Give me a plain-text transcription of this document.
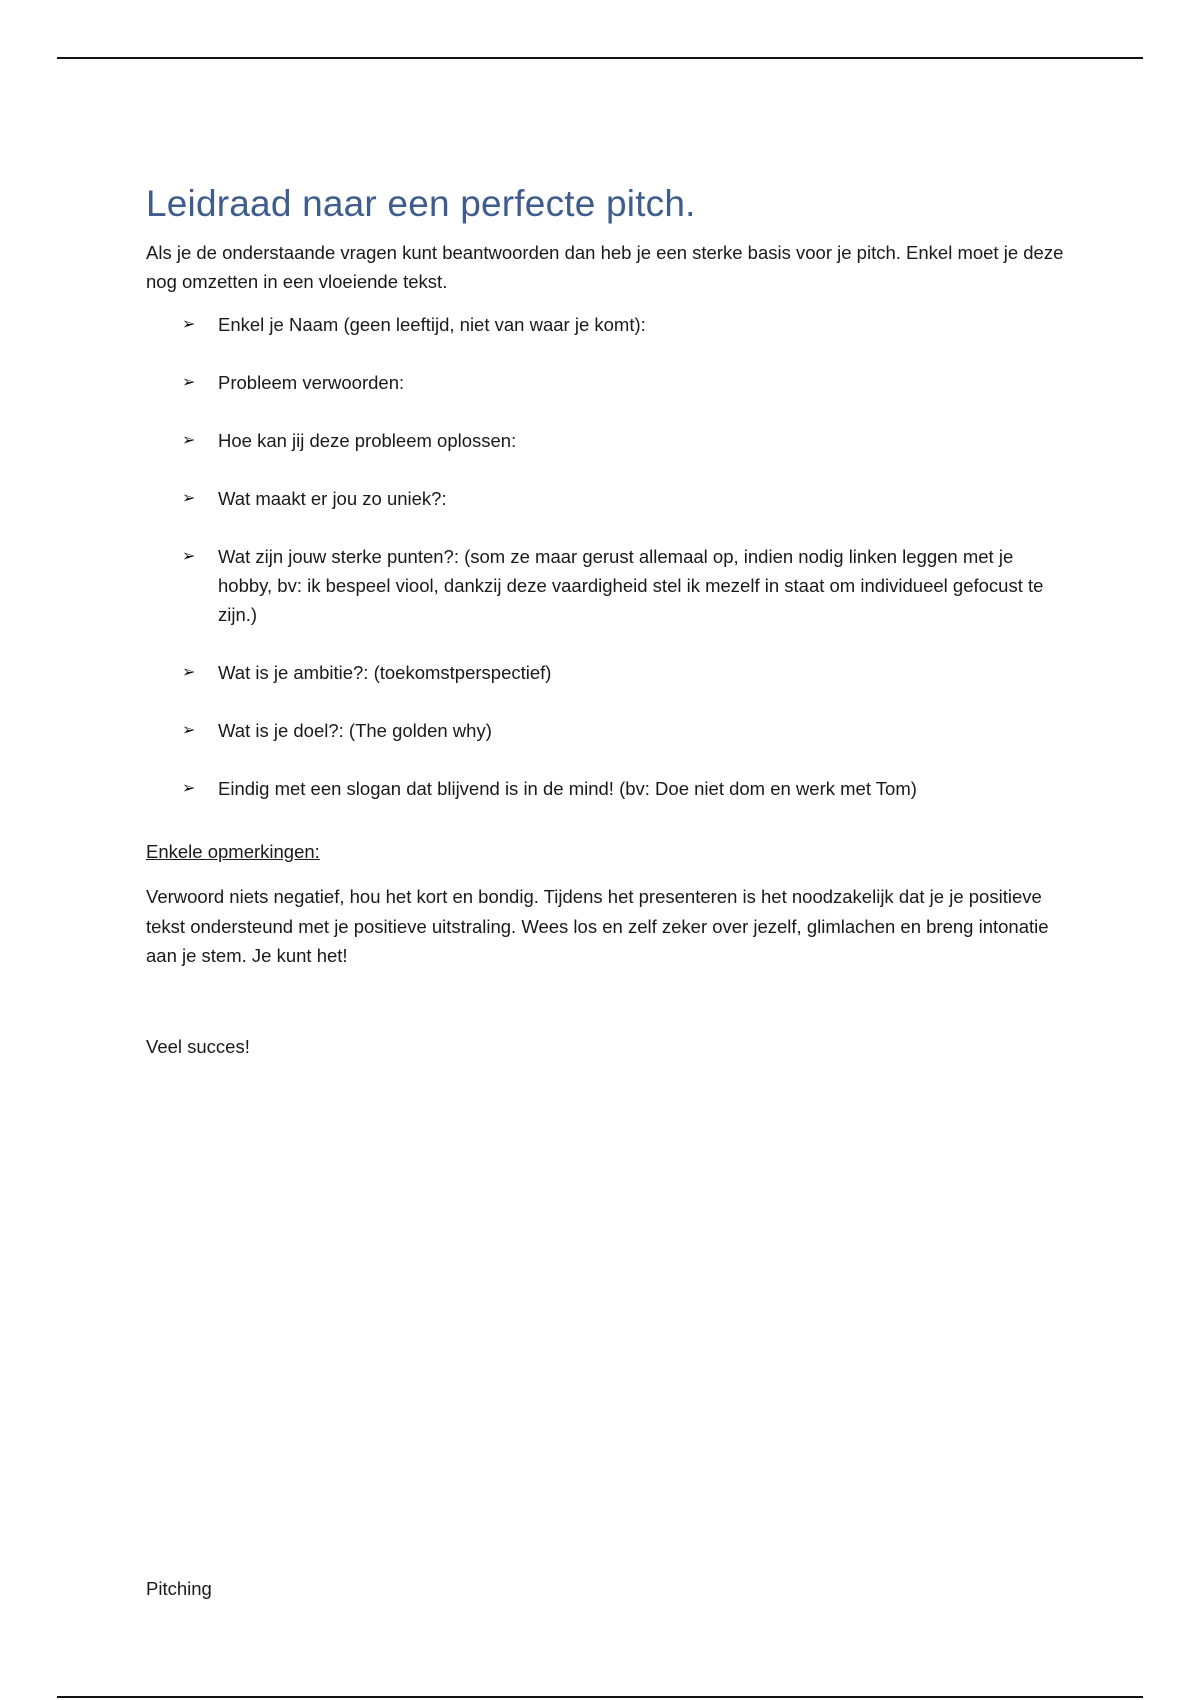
Leidraad naar een perfecte pitch.

Als je de onderstaande vragen kunt beantwoorden dan heb je een sterke basis voor je pitch. Enkel moet je deze nog omzetten in een vloeiende tekst.

➢ Enkel je Naam (geen leeftijd, niet van waar je komt):
➢ Probleem verwoorden:
➢ Hoe kan jij deze probleem oplossen:
➢ Wat maakt er jou zo uniek?:
➢ Wat zijn jouw sterke punten?: (som ze maar gerust allemaal op, indien nodig linken leggen met je hobby, bv: ik bespeel viool, dankzij deze vaardigheid stel ik mezelf in staat om individueel gefocust te zijn.)
➢ Wat is je ambitie?: (toekomstperspectief)
➢ Wat is je doel?: (The golden why)
➢ Eindig met een slogan dat blijvend is in de mind! (bv: Doe niet dom en werk met Tom)
Enkele opmerkingen:

Verwoord niets negatief, hou het kort en bondig. Tijdens het presenteren is het noodzakelijk dat je je positieve tekst ondersteund met je positieve uitstraling. Wees los en zelf zeker over jezelf, glimlachen en breng intonatie aan je stem. Je kunt het!

Veel succes!

Pitching
